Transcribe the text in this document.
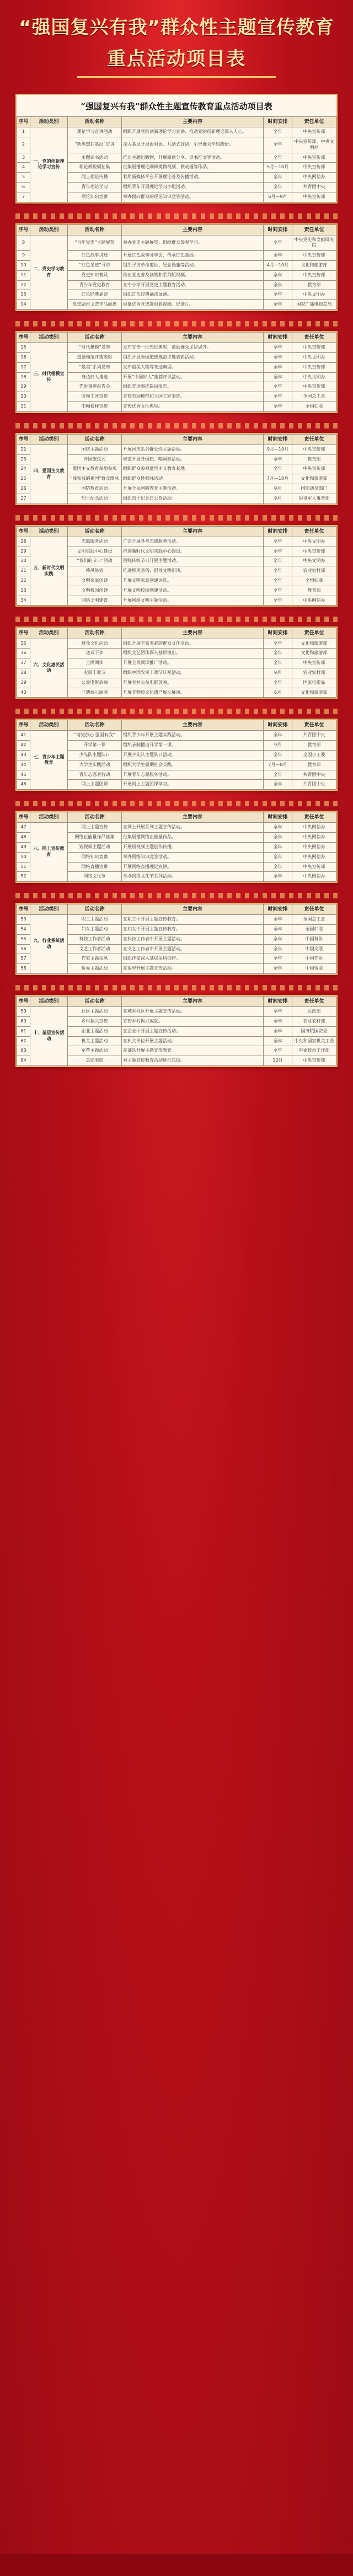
“强国复兴有我”群众性主题宣传教育
重点活动项目表
“强国复兴有我”群众性主题宣传教育重点活动项目表
序号	活动类别	活动名称	主要内容	时间安排	责任单位
1	一、党的创新理论学习宣传	理论学习宣讲活动	组织开展党的创新理论学习宣讲，推动党的创新理论深入人心。	全年	中央宣传部
2		“新思想在基层”宣讲	深入基层开展面对面、互动式宣讲，引导群众学思践悟。	全年	中央宣传部、中央文明办
3		主题读书活动	推出主题出版物，开展阅读分享、读书征文等活动。	全年	中央宣传部
4		理论微视频征集	征集展播理论阐释类微视频、微动漫等作品。	5月—10月	中央宣传部
5		网上理论传播	利用新媒体平台开展理论普及传播活动。	全年	中央网信办
6		青年理论学习	组织青年开展理论学习小组活动。	全年	共青团中央
7		理论知识竞赛	举办面向群众的理论知识竞答活动。	6月—9月	中央宣传部
序号	活动类别	活动名称	主要内容	时间安排	责任单位
8	二、党史学习教育	“百年党史”主题展览	举办党史主题展览，组织群众参观学习。	全年	中央党史和文献研究院
9		红色故事讲述	开展红色故事分享会，传承红色基因。	全年	中央宣传部
10		“红色足迹”寻访	组织寻访革命遗址、纪念设施等活动。	4月—10月	文化和旅游部
11		党史知识普及	推出党史普及读物和系列短视频。	全年	中央宣传部
12		青少年党史教育	在中小学开展党史主题教育活动。	全年	教育部
13		红色经典诵读	组织红色经典诵读展演。	全年	中央文明办
14		党史题材文艺作品展播	展播优秀党史题材影视剧、纪录片。	全年	国家广播电视总局
序号	活动类别	活动名称	主要内容	时间安排	责任单位
15	三、时代楷模宣传	“时代楷模”发布	发布宣传一批先进典型，激励群众见贤思齐。	全年	中央宣传部
16		道德模范评选表彰	组织开展全国道德模范评选表彰活动。	全年	中央文明办
17		“最美”系列发布	发布最美人物等先进典型。	全年	中央宣传部
18		身边好人推选	开展“中国好人”推荐评议活动。	全年	中央文明办
19		先进事迹报告会	组织先进事迹巡回报告。	全年	中央宣传部
20		劳模工匠宣传	宣传劳动模范和大国工匠事迹。	全年	全国总工会
21		巾帼榜样宣传	宣传优秀女性典型。	全年	全国妇联
序号	活动类别	活动名称	主要内容	时间安排	责任单位
22	四、爱国主义教育	国庆主题活动	开展国庆系列群众性主题活动。	9月—10月	中央宣传部
23		升国旗仪式	规范开展升国旗、唱国歌活动。	全年	教育部
24		爱国主义教育基地参观	组织群众参观爱国主义教育基地。	全年	中央宣传部
25		“我和我的祖国”群众歌咏	组织群众性歌咏活动。	7月—10月	文化和旅游部
26		国防教育活动	开展全民国防教育主题活动。	9月	国防动员部门
27		烈士纪念活动	组织烈士纪念日公祭活动。	9月	退役军人事务部
序号	活动类别	活动名称	主要内容	时间安排	责任单位
28	五、新时代文明实践	志愿服务活动	广泛开展各类志愿服务活动。	全年	中央文明办
29		文明实践中心建设	推进新时代文明实践中心建设。	全年	中央宣传部
30		“我们的节日”活动	围绕传统节日开展主题活动。	全年	中央文明办
31		移风易俗	推进移风易俗，倡导文明新风。	全年	农业农村部
32		文明家庭创建	开展文明家庭创建评选。	全年	全国妇联
33		文明校园创建	开展文明校园创建活动。	全年	教育部
34		网络文明建设	开展网络文明主题活动。	全年	中央网信办
序号	活动类别	活动名称	主要内容	时间安排	责任单位
35	六、文化惠民活动	群众文化活动	组织开展丰富多彩的群众文化活动。	全年	文化和旅游部
36		送戏下乡	组织文艺团体深入基层演出。	全年	文化和旅游部
37		全民阅读	开展全民阅读推广活动。	全年	中央宣传部
38		农民丰收节	组织中国农民丰收节庆祝活动。	9月	农业农村部
39		公益电影放映	开展农村公益电影放映。	全年	国家电影局
40		非遗展示展演	开展非物质文化遗产展示展演。	6月	文化和旅游部
序号	活动类别	活动名称	主要内容	时间安排	责任单位
41	七、青少年主题教育	“请党放心 强国有我”	组织青少年开展主题实践活动。	全年	共青团中央
42		开学第一课	组织录制播出开学第一课。	9月	教育部
43		少先队主题队日	开展少先队主题队日活动。	全年	全国少工委
44		大学生实践活动	组织大学生暑期社会实践。	7月—8月	教育部
45		青年志愿者行动	开展青年志愿服务活动。	全年	共青团中央
46		网上主题团课	开展网上主题团课学习。	全年	共青团中央
序号	活动类别	活动名称	主要内容	时间安排	责任单位
47	八、网上宣传教育	网上主题宣传	在网上开展系列主题宣传活动。	全年	中央网信办
48		网络正能量作品征集	征集展播网络正能量作品。	全年	中央网信办
49		短视频主题活动	开展短视频主题创作传播。	全年	中央网信办
50		网络知识竞赛	举办网络知识竞答活动。	全年	中央网信办
51		网络直播宣讲	开展网络直播理论宣讲。	全年	中央宣传部
52		网络文化节	举办网络文化节系列活动。	全年	中央网信办
序号	活动类别	活动名称	主要内容	时间安排	责任单位
53	九、行业系统活动	职工主题活动	在职工中开展主题宣传教育。	全年	全国总工会
54		妇女主题活动	在妇女中开展主题宣传教育。	全年	全国妇联
55		科技工作者活动	在科技工作者中开展主题活动。	全年	中国科协
56		文艺工作者活动	在文艺工作者中开展主题活动。	全年	中国文联
57		作家主题采风	组织作家深入基层采风创作。	全年	中国作协
58		侨界主题活动	在侨界开展主题宣传活动。	全年	中国侨联
序号	活动类别	活动名称	主要内容	时间安排	责任单位
59	十、基层宣传活动	社区主题活动	在城乡社区开展主题宣传活动。	全年	民政部
60		乡村振兴宣传	宣传乡村振兴成就。	全年	农业农村部
61		企业主题活动	在企业中开展主题宣传活动。	全年	国务院国资委
62		机关主题活动	在机关单位开展主题活动。	全年	中央和国家机关工委
63		军营主题活动	在部队开展主题宣传教育。	全年	军委政治工作部
64		总结表彰	对主题宣传教育活动进行总结。	12月	中央宣传部
